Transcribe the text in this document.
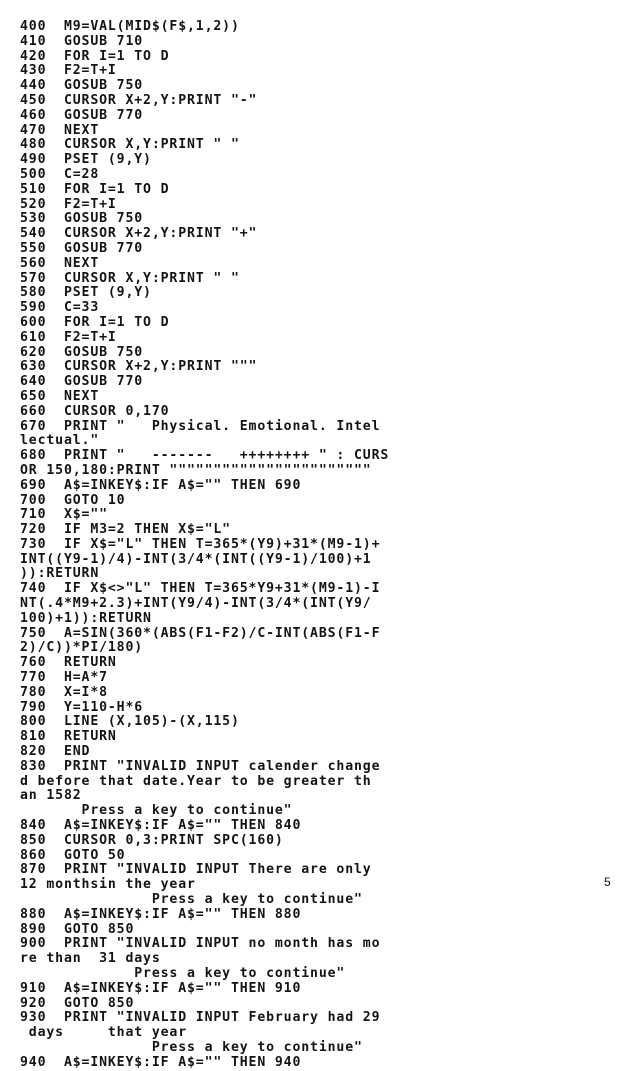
400  M9=VAL(MID$(F$,1,2))
410  GOSUB 710
420  FOR I=1 TO D
430  F2=T+I
440  GOSUB 750
450  CURSOR X+2,Y:PRINT "-"
460  GOSUB 770
470  NEXT
480  CURSOR X,Y:PRINT " "
490  PSET (9,Y)
500  C=28
510  FOR I=1 TO D
520  F2=T+I
530  GOSUB 750
540  CURSOR X+2,Y:PRINT "+"
550  GOSUB 770
560  NEXT
570  CURSOR X,Y:PRINT " "
580  PSET (9,Y)
590  C=33
600  FOR I=1 TO D
610  F2=T+I
620  GOSUB 750
630  CURSOR X+2,Y:PRINT """
640  GOSUB 770
650  NEXT
660  CURSOR 0,170
670  PRINT "   Physical. Emotional. Intel
lectual."
680  PRINT "   -------   ++++++++ " : CURS
OR 150,180:PRINT """""""""""""""""""""""
690  A$=INKEY$:IF A$="" THEN 690
700  GOTO 10
710  X$=""
720  IF M3=2 THEN X$="L"
730  IF X$="L" THEN T=365*(Y9)+31*(M9-1)+
INT((Y9-1)/4)-INT(3/4*(INT((Y9-1)/100)+1
)):RETURN
740  IF X$<>"L" THEN T=365*Y9+31*(M9-1)-I
NT(.4*M9+2.3)+INT(Y9/4)-INT(3/4*(INT(Y9/
100)+1)):RETURN
750  A=SIN(360*(ABS(F1-F2)/C-INT(ABS(F1-F
2)/C))*PI/180)
760  RETURN
770  H=A*7
780  X=I*8
790  Y=110-H*6
800  LINE (X,105)-(X,115)
810  RETURN
820  END
830  PRINT "INVALID INPUT calender change
d before that date.Year to be greater th
an 1582
Press a key to continue"
840  A$=INKEY$:IF A$="" THEN 840
850  CURSOR 0,3:PRINT SPC(160)
860  GOTO 50
870  PRINT "INVALID INPUT There are only
12 monthsin the year
Press a key to continue"
880  A$=INKEY$:IF A$="" THEN 880
890  GOTO 850
900  PRINT "INVALID INPUT no month has mo
re than  31 days
Press a key to continue"
910  A$=INKEY$:IF A$="" THEN 910
920  GOTO 850
930  PRINT "INVALID INPUT February had 29
days     that year
Press a key to continue"
940  A$=INKEY$:IF A$="" THEN 940
5
